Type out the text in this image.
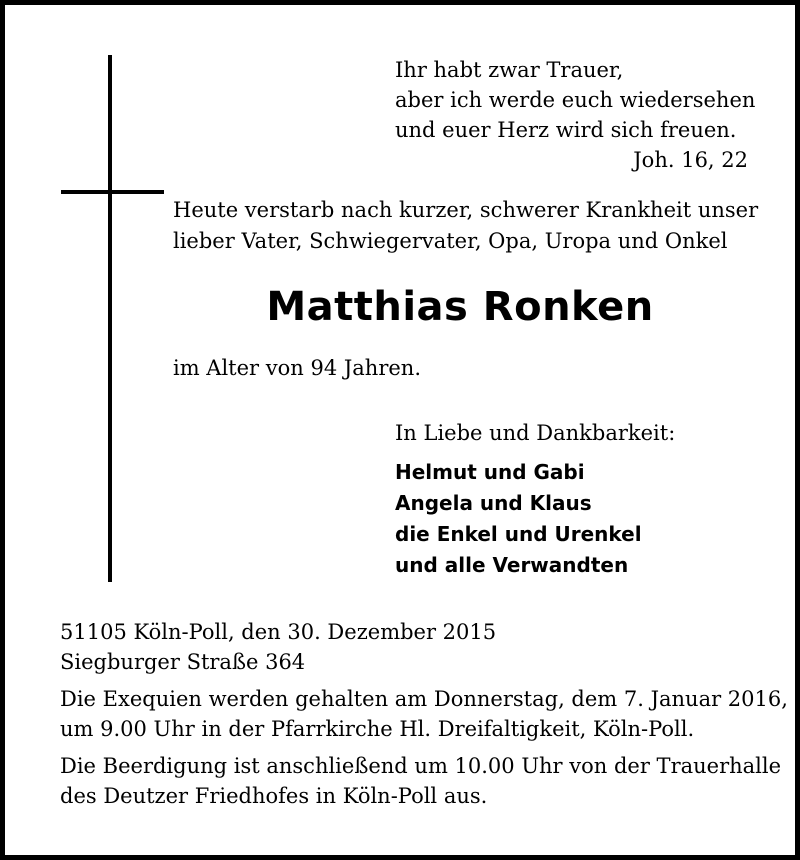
Ihr habt zwar Trauer,
aber ich werde euch wiedersehen
und euer Herz wird sich freuen.
Joh. 16, 22
Heute verstarb nach kurzer, schwerer Krankheit unser
lieber Vater, Schwiegervater, Opa, Uropa und Onkel
Matthias Ronken
im Alter von 94 Jahren.
In Liebe und Dankbarkeit:
Helmut und Gabi
Angela und Klaus
die Enkel und Urenkel
und alle Verwandten
51105 Köln-Poll, den 30. Dezember 2015
Siegburger Straße 364
Die Exequien werden gehalten am Donnerstag, dem 7. Januar 2016,
um 9.00 Uhr in der Pfarrkirche Hl. Dreifaltigkeit, Köln-Poll.
Die Beerdigung ist anschließend um 10.00 Uhr von der Trauerhalle
des Deutzer Friedhofes in Köln-Poll aus.
